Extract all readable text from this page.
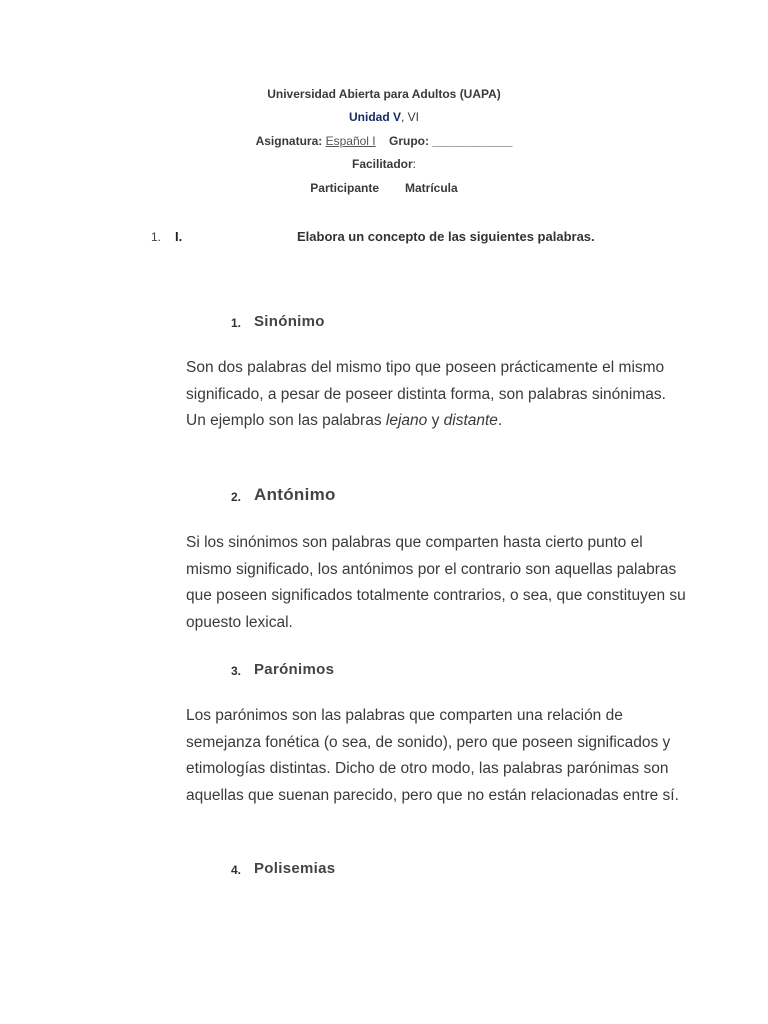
Universidad Abierta para Adultos (UAPA)
Unidad V, VI
Asignatura: Español I Grupo: ____________
Facilitador:
Participante Matrícula
1. I.	Elabora un concepto de las siguientes palabras.
1. Sinónimo
Son dos palabras del mismo tipo que poseen prácticamente el mismo significado, a pesar de poseer distinta forma, son palabras sinónimas. Un ejemplo son las palabras lejano y distante.
2. Antónimo
Si los sinónimos son palabras que comparten hasta cierto punto el mismo significado, los antónimos por el contrario son aquellas palabras que poseen significados totalmente contrarios, o sea, que constituyen su opuesto lexical.
3. Parónimos
Los parónimos son las palabras que comparten una relación de semejanza fonética (o sea, de sonido), pero que poseen significados y etimologías distintas. Dicho de otro modo, las palabras parónimas son aquellas que suenan parecido, pero que no están relacionadas entre sí.
4. Polisemias
